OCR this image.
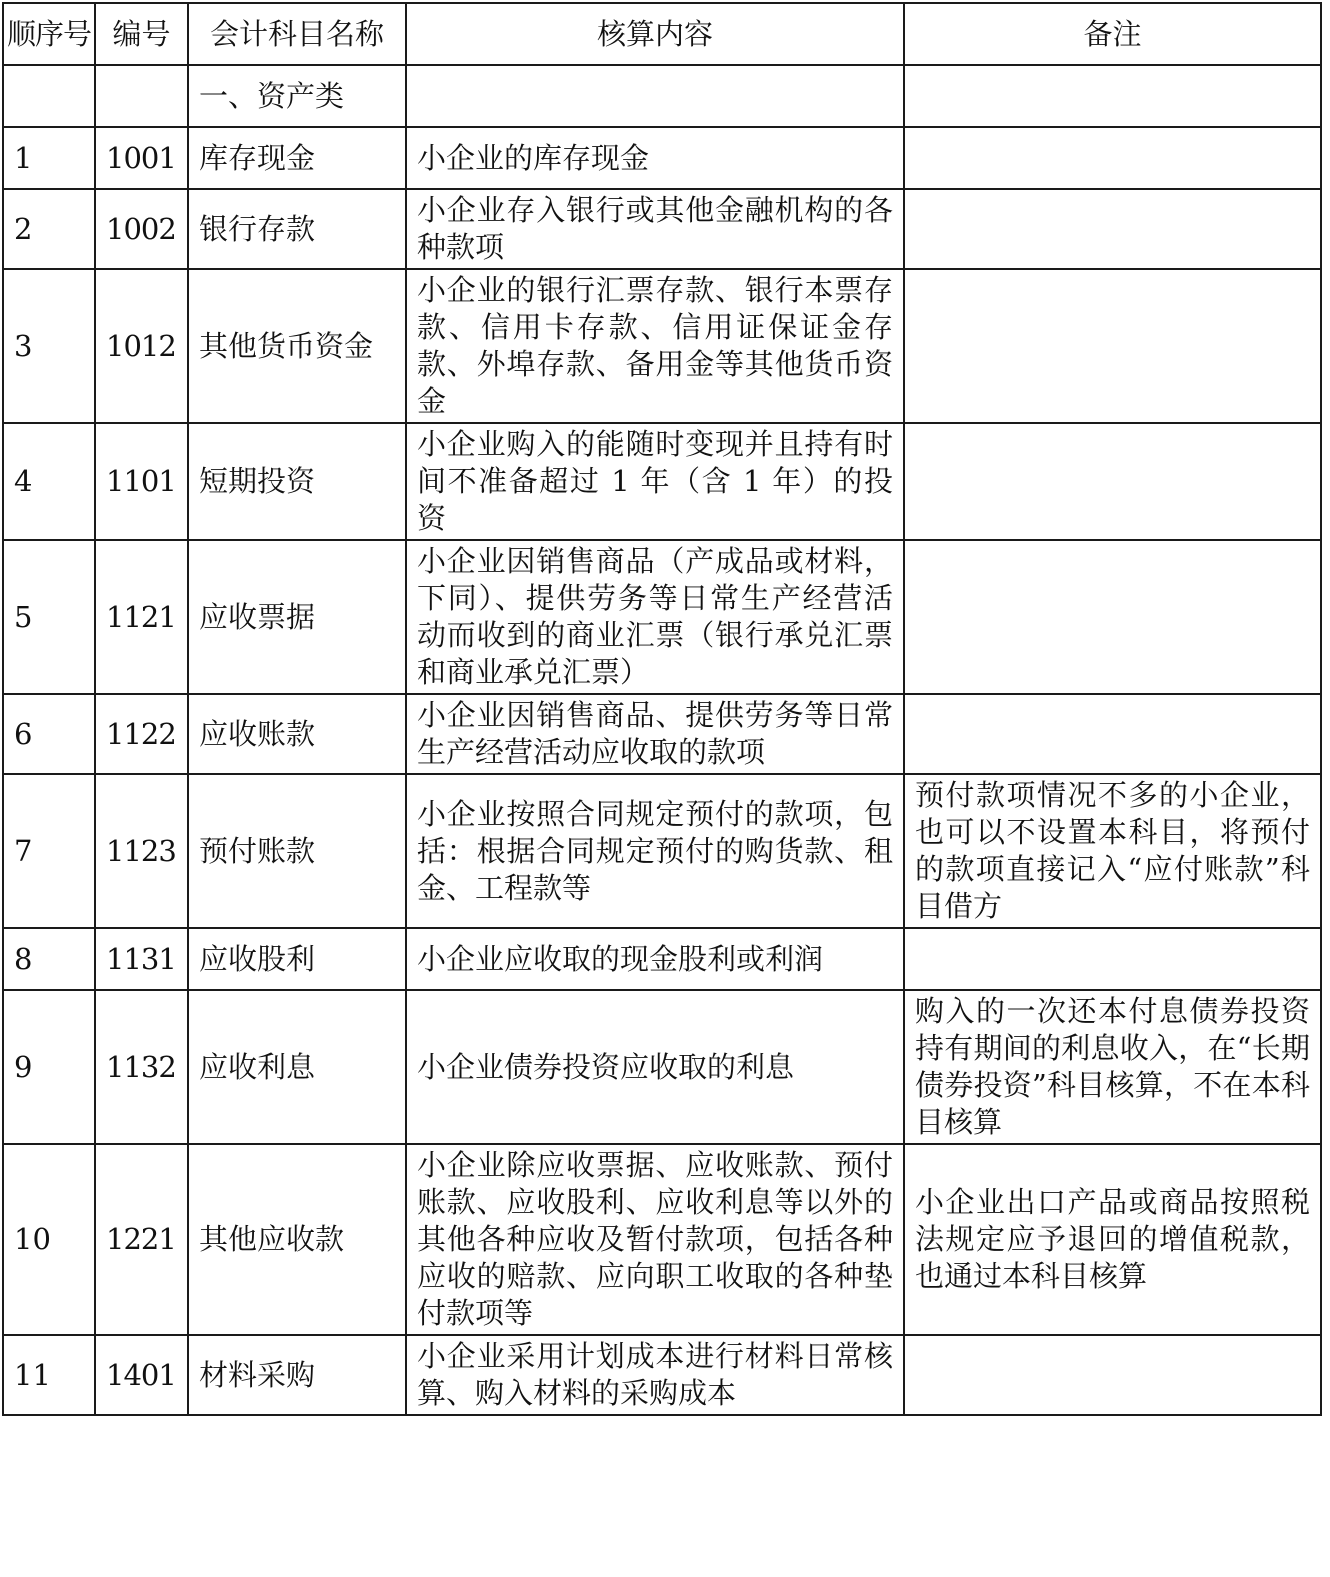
顺序号	编号	会计科目名称	核算内容	备注
		一、资产类		
1	1001	库存现金	小企业的库存现金	
2	1002	银行存款	小企业存入银行或其他金融机构的各种款项	
3	1012	其他货币资金	小企业的银行汇票存款、银行本票存款、信用卡存款、信用证保证金存款、外埠存款、备用金等其他货币资金	
4	1101	短期投资	小企业购入的能随时变现并且持有时间不准备超过 1 年（含 1 年）的投资	
5	1121	应收票据	小企业因销售商品（产成品或材料，下同）、提供劳务等日常生产经营活动而收到的商业汇票（银行承兑汇票和商业承兑汇票）	
6	1122	应收账款	小企业因销售商品、提供劳务等日常生产经营活动应收取的款项	
7	1123	预付账款	小企业按照合同规定预付的款项，包括：根据合同规定预付的购货款、租金、工程款等	预付款项情况不多的小企业，也可以不设置本科目，将预付的款项直接记入“应付账款”科目借方
8	1131	应收股利	小企业应收取的现金股利或利润	
9	1132	应收利息	小企业债券投资应收取的利息	购入的一次还本付息债券投资持有期间的利息收入，在“长期债券投资”科目核算，不在本科目核算
10	1221	其他应收款	小企业除应收票据、应收账款、预付账款、应收股利、应收利息等以外的其他各种应收及暂付款项，包括各种应收的赔款、应向职工收取的各种垫付款项等	小企业出口产品或商品按照税法规定应予退回的增值税款，也通过本科目核算
11	1401	材料采购	小企业采用计划成本进行材料日常核算、购入材料的采购成本	
